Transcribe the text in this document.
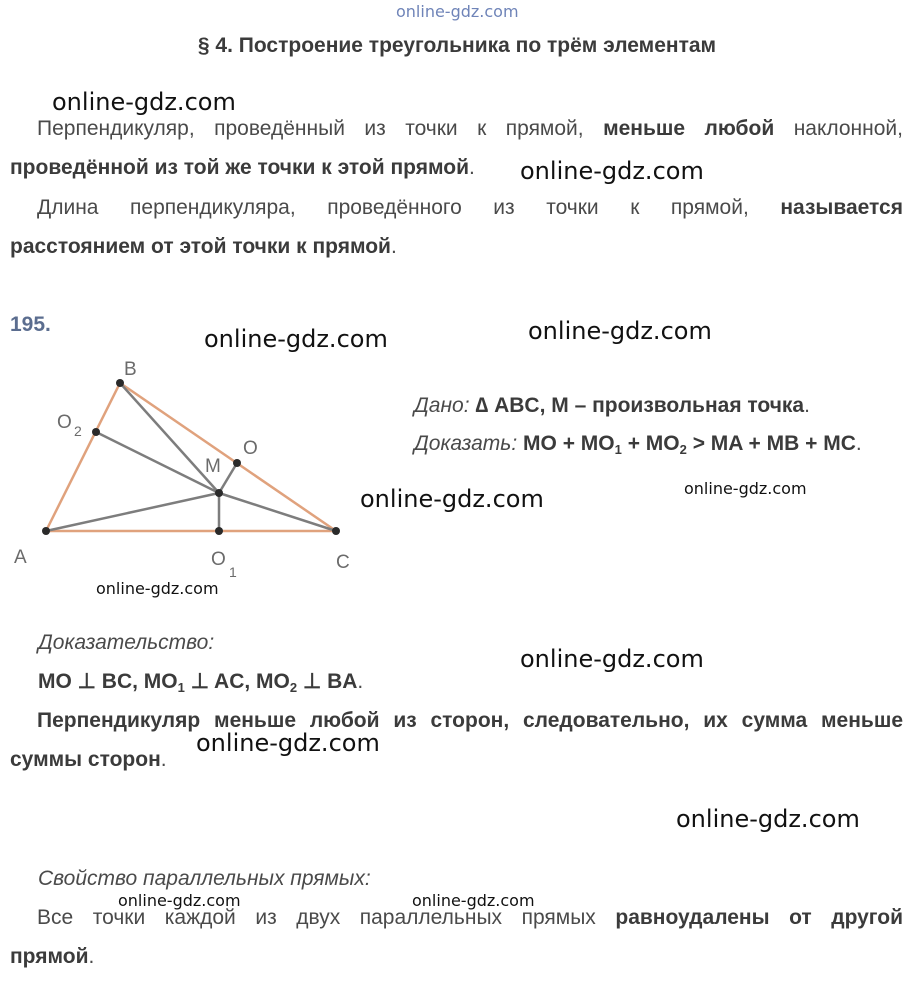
online-gdz.com
§ 4. Построение треугольника по трём элементам
Перпендикуляр, проведённый из точки к прямой, меньше любой наклонной,
проведённой из той же точки к этой прямой.
Длина перпендикуляра, проведённого из точки к прямой, называется
расстоянием от этой точки к прямой.
195.
A
B
C
M
O
O
1
O 2
Дано: ∆ ABC, M – произвольная точка.
Доказать: MO + $MO_1 + MO_2$ > MA + MB + MC.
Доказательство:
MO ⊥ BC, $MO_1$ ⊥ AC, $MO_2$ ⊥ BA.
Перпендикуляр меньше любой из сторон, следовательно, их сумма меньше суммы сторон.
Свойство параллельных прямых:
Все точки каждой из двух параллельных прямых равноудалены от другой
прямой.
online-gdz.com
online-gdz.com
online-gdz.com	online-gdz.com
online-gdz.com	online-gdz.com
online-gdz.com
online-gdz.com
online-gdz.com
online-gdz.com
online-gdz.com	online-gdz.com
